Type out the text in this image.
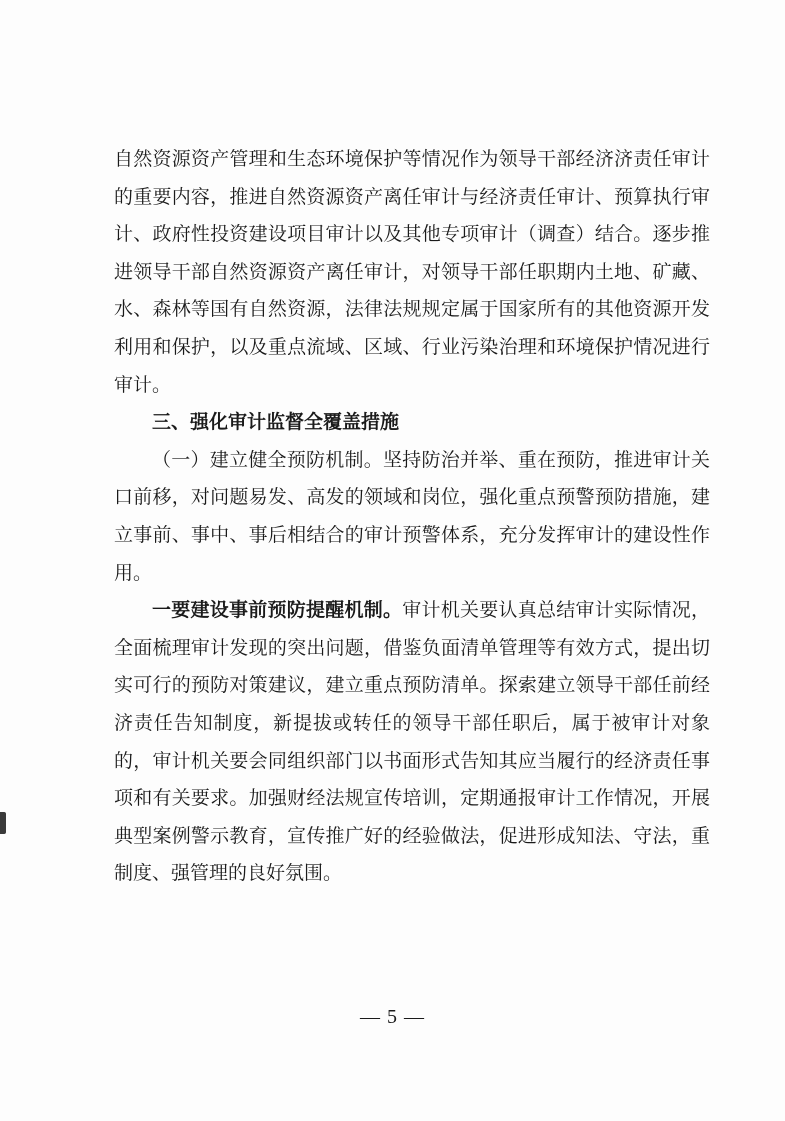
自然资源资产管理和生态环境保护等情况作为领导干部经济济责任审计的重要内容，推进自然资源资产离任审计与经济责任审计、预算执行审计、政府性投资建设项目审计以及其他专项审计（调查）结合。逐步推进领导干部自然资源资产离任审计，对领导干部任职期内土地、矿藏、水、森林等国有自然资源，法律法规规定属于国家所有的其他资源开发利用和保护，以及重点流域、区域、行业污染治理和环境保护情况进行审计。

三、强化审计监督全覆盖措施

（一）建立健全预防机制。坚持防治并举、重在预防，推进审计关口前移，对问题易发、高发的领域和岗位，强化重点预警预防措施，建立事前、事中、事后相结合的审计预警体系，充分发挥审计的建设性作用。

一要建设事前预防提醒机制。审计机关要认真总结审计实际情况，全面梳理审计发现的突出问题，借鉴负面清单管理等有效方式，提出切实可行的预防对策建议，建立重点预防清单。探索建立领导干部任前经济责任告知制度，新提拔或转任的领导干部任职后，属于被审计对象的，审计机关要会同组织部门以书面形式告知其应当履行的经济责任事项和有关要求。加强财经法规宣传培训，定期通报审计工作情况，开展典型案例警示教育，宣传推广好的经验做法，促进形成知法、守法，重制度、强管理的良好氛围。

— 5 —
